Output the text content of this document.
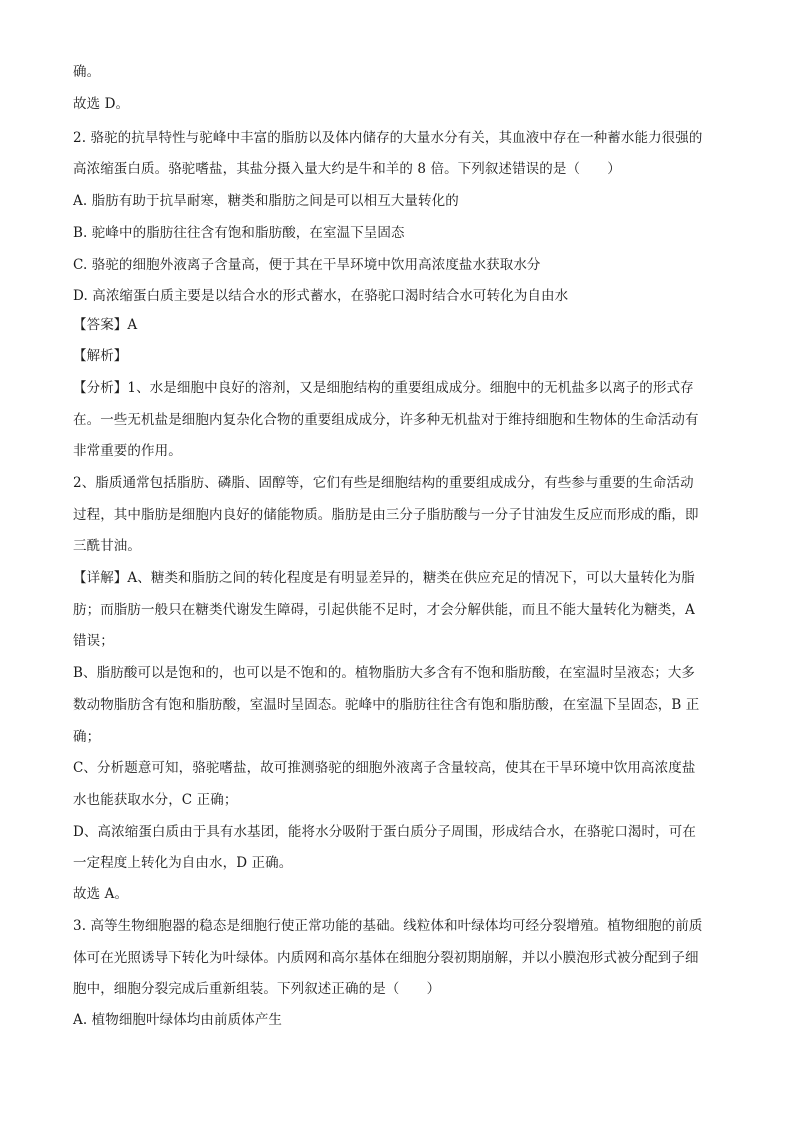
确。
故选 D。
2. 骆驼的抗旱特性与驼峰中丰富的脂肪以及体内储存的大量水分有关，其血液中存在一种蓄水能力很强的
高浓缩蛋白质。骆驼嗜盐，其盐分摄入量大约是牛和羊的 8 倍。下列叙述错误的是（　　）
A. 脂肪有助于抗旱耐寒，糖类和脂肪之间是可以相互大量转化的
B. 驼峰中的脂肪往往含有饱和脂肪酸，在室温下呈固态
C. 骆驼的细胞外液离子含量高，便于其在干旱环境中饮用高浓度盐水获取水分
D. 高浓缩蛋白质主要是以结合水的形式蓄水，在骆驼口渴时结合水可转化为自由水
【答案】A
【解析】
【分析】1、水是细胞中良好的溶剂，又是细胞结构的重要组成成分。细胞中的无机盐多以离子的形式存
在。一些无机盐是细胞内复杂化合物的重要组成成分，许多种无机盐对于维持细胞和生物体的生命活动有
非常重要的作用。
2、脂质通常包括脂肪、磷脂、固醇等，它们有些是细胞结构的重要组成成分，有些参与重要的生命活动
过程，其中脂肪是细胞内良好的储能物质。脂肪是由三分子脂肪酸与一分子甘油发生反应而形成的酯，即
三酰甘油。
【详解】A、糖类和脂肪之间的转化程度是有明显差异的，糖类在供应充足的情况下，可以大量转化为脂
肪；而脂肪一般只在糖类代谢发生障碍，引起供能不足时，才会分解供能，而且不能大量转化为糖类，A
错误；
B、脂肪酸可以是饱和的，也可以是不饱和的。植物脂肪大多含有不饱和脂肪酸，在室温时呈液态；大多
数动物脂肪含有饱和脂肪酸，室温时呈固态。驼峰中的脂肪往往含有饱和脂肪酸，在室温下呈固态，B 正
确；
C、分析题意可知，骆驼嗜盐，故可推测骆驼的细胞外液离子含量较高，使其在干旱环境中饮用高浓度盐
水也能获取水分，C 正确；
D、高浓缩蛋白质由于具有水基团，能将水分吸附于蛋白质分子周围，形成结合水，在骆驼口渴时，可在
一定程度上转化为自由水，D 正确。
故选 A。
3. 高等生物细胞器的稳态是细胞行使正常功能的基础。线粒体和叶绿体均可经分裂增殖。植物细胞的前质
体可在光照诱导下转化为叶绿体。内质网和高尔基体在细胞分裂初期崩解，并以小膜泡形式被分配到子细
胞中，细胞分裂完成后重新组装。下列叙述正确的是（　　）
A. 植物细胞叶绿体均由前质体产生
